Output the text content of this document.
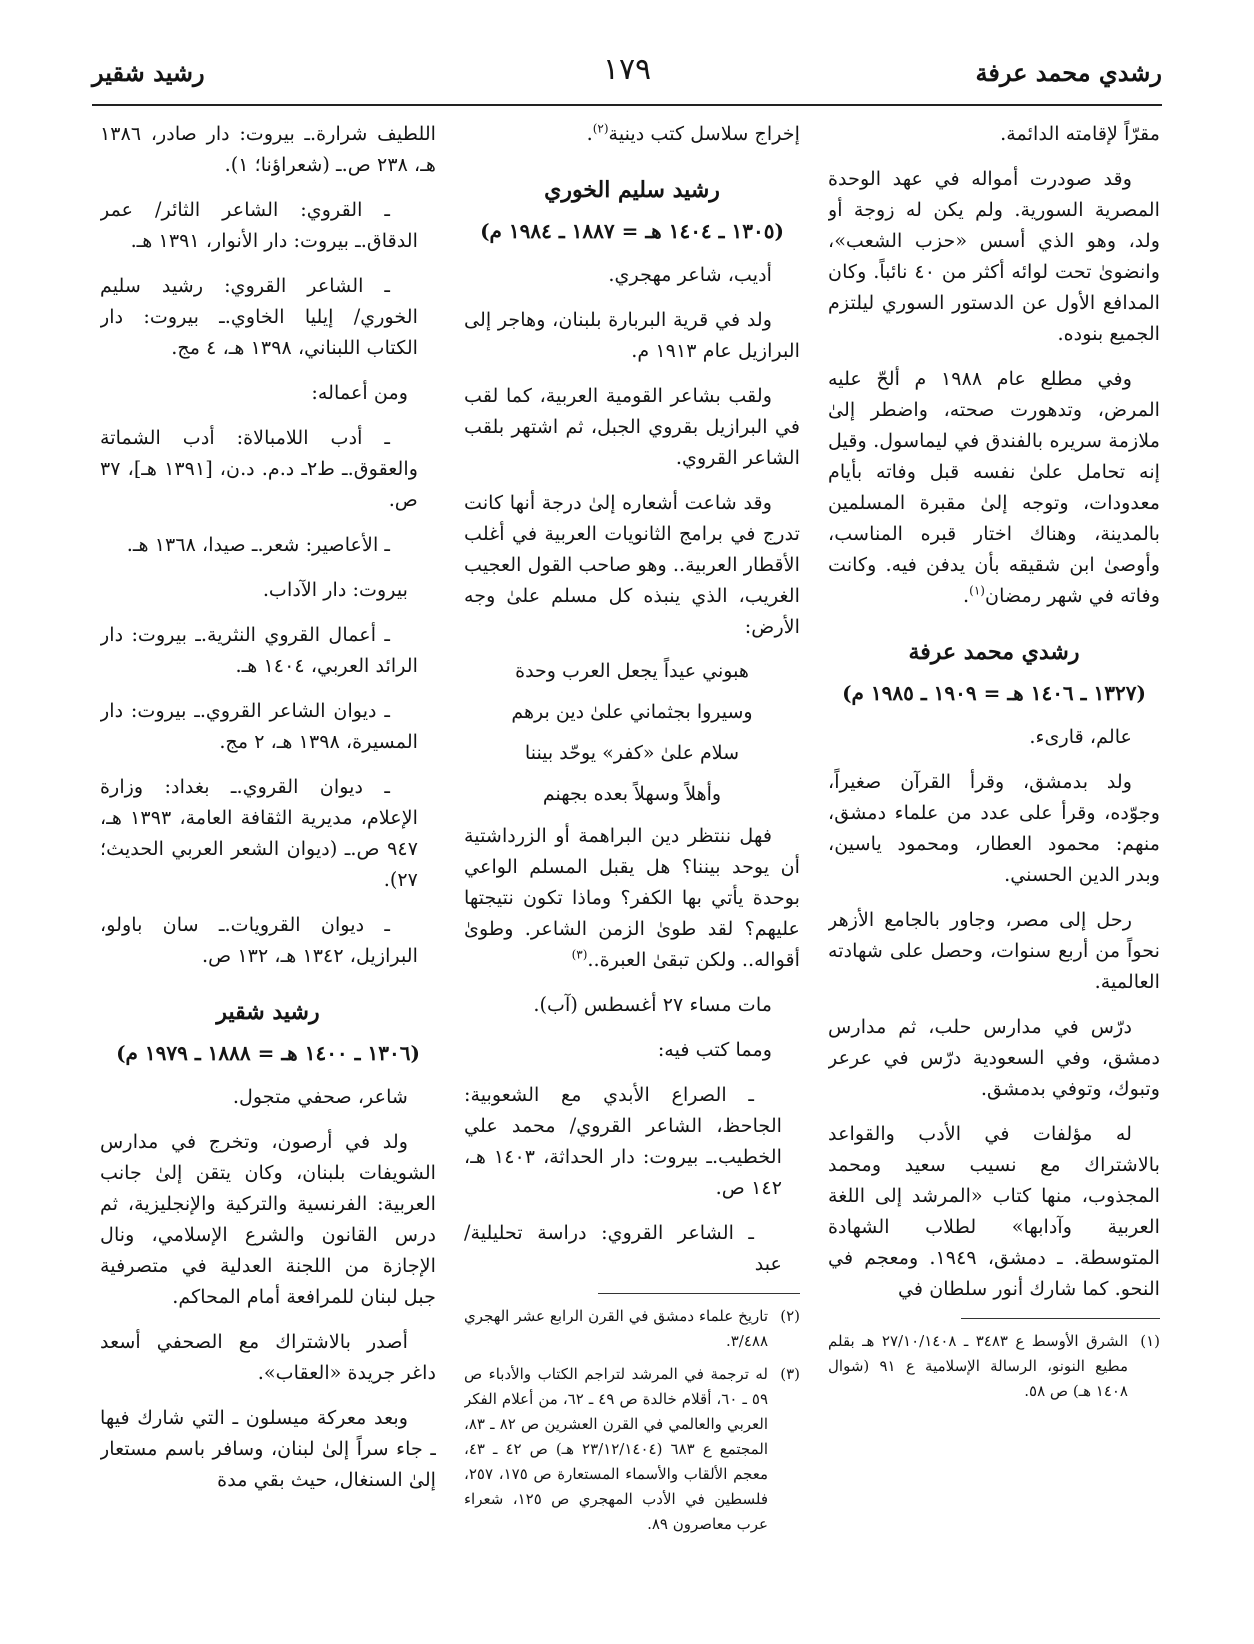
رشدي محمد عرفة
١٧٩
رشيد شقير

مقرّاً لإقامته الدائمة.

وقد صودرت أمواله في عهد الوحدة المصرية السورية. ولم يكن له زوجة أو ولد، وهو الذي أسس «حزب الشعب»، وانضوىٰ تحت لوائه أكثر من ٤٠ نائباً. وكان المدافع الأول عن الدستور السوري ليلتزم الجميع بنوده.

وفي مطلع عام ١٩٨٨ م ألحّ عليه المرض، وتدهورت صحته، واضطر إلىٰ ملازمة سريره بالفندق في ليماسول. وقيل إنه تحامل علىٰ نفسه قبل وفاته بأيام معدودات، وتوجه إلىٰ مقبرة المسلمين بالمدينة، وهناك اختار قبره المناسب، وأوصىٰ ابن شقيقه بأن يدفن فيه. وكانت وفاته في شهر رمضان$^{(١)}$.

رشدي محمد عرفة
(١٣٢٧ ـ ١٤٠٦ هـ = ١٩٠٩ ـ ١٩٨٥ م)

عالم، قارىء.

ولد بدمشق، وقرأ القرآن صغيراً، وجوّده، وقرأ على عدد من علماء دمشق، منهم: محمود العطار، ومحمود ياسين، وبدر الدين الحسني.

رحل إلى مصر، وجاور بالجامع الأزهر نحواً من أربع سنوات، وحصل على شهادته العالمية.

درّس في مدارس حلب، ثم مدارس دمشق، وفي السعودية درّس في عرعر وتبوك، وتوفي بدمشق.

له مؤلفات في الأدب والقواعد بالاشتراك مع نسيب سعيد ومحمد المجذوب، منها كتاب «المرشد إلى اللغة العربية وآدابها» لطلاب الشهادة المتوسطة. ـ دمشق، ١٩٤٩. ومعجم في النحو. كما شارك أنور سلطان في

(١)
الشرق الأوسط ع ٣٤٨٣ ـ ٢٧/١٠/١٤٠٨ هـ بقلم مطيع النونو، الرسالة الإسلامية ع ٩١ (شوال ١٤٠٨ هـ) ص ٥٨.

إخراج سلاسل كتب دينية$^{(٢)}$.

رشيد سليم الخوري
(١٣٠٥ ـ ١٤٠٤ هـ = ١٨٨٧ ـ ١٩٨٤ م)

أديب، شاعر مهجري.

ولد في قرية البربارة بلبنان، وهاجر إلى البرازيل عام ١٩١٣ م.

ولقب بشاعر القومية العربية، كما لقب في البرازيل بقروي الجبل، ثم اشتهر بلقب الشاعر القروي.

وقد شاعت أشعاره إلىٰ درجة أنها كانت تدرج في برامج الثانويات العربية في أغلب الأقطار العربية.. وهو صاحب القول العجيب الغريب، الذي ينبذه كل مسلم علىٰ وجه الأرض:

هبوني عيداً يجعل العرب وحدة
وسيروا بجثماني علىٰ دين برهم
سلام علىٰ «كفر» يوحّد بيننا
وأهلاً وسهلاً بعده بجهنم

فهل ننتظر دين البراهمة أو الزرداشتية أن يوحد بيننا؟ هل يقبل المسلم الواعي بوحدة يأتي بها الكفر؟ وماذا تكون نتيجتها عليهم؟ لقد طوىٰ الزمن الشاعر. وطوىٰ أقواله.. ولكن تبقىٰ العبرة..$^{(٣)}$

مات مساء ٢٧ أغسطس (آب).

ومما كتب فيه:

ـ الصراع الأبدي مع الشعوبية: الجاحظ، الشاعر القروي/ محمد علي الخطيب.ـ بيروت: دار الحداثة، ١٤٠٣ هـ، ١٤٢ ص.

ـ الشاعر القروي: دراسة تحليلية/ عبد

(٢)
تاريخ علماء دمشق في القرن الرابع عشر الهجري ٣/٤٨٨.
(٣)
له ترجمة في المرشد لتراجم الكتاب والأدباء ص ٥٩ ـ ٦٠، أقلام خالدة ص ٤٩ ـ ٦٢، من أعلام الفكر العربي والعالمي في القرن العشرين ص ٨٢ ـ ٨٣، المجتمع ع ٦٨٣ (٢٣/١٢/١٤٠٤ هـ) ص ٤٢ ـ ٤٣، معجم الألقاب والأسماء المستعارة ص ١٧٥، ٢٥٧، فلسطين في الأدب المهجري ص ١٢٥، شعراء عرب معاصرون ٨٩.

اللطيف شرارة.ـ بيروت: دار صادر، ١٣٨٦ هـ، ٢٣٨ ص.ـ (شعراؤنا؛ ١).

ـ القروي: الشاعر الثائر/ عمر الدقاق.ـ بيروت: دار الأنوار، ١٣٩١ هـ.

ـ الشاعر القروي: رشيد سليم الخوري/ إيليا الخاوي.ـ بيروت: دار الكتاب اللبناني، ١٣٩٨ هـ، ٤ مج.

ومن أعماله:

ـ أدب اللامبالاة: أدب الشماتة والعقوق.ـ ط٢ـ د.م. د.ن، [١٣٩١ هـ]، ٣٧ ص.

ـ الأعاصير: شعر.ـ صيدا، ١٣٦٨ هـ.

بيروت: دار الآداب.

ـ أعمال القروي النثرية.ـ بيروت: دار الرائد العربي، ١٤٠٤ هـ.

ـ ديوان الشاعر القروي.ـ بيروت: دار المسيرة، ١٣٩٨ هـ، ٢ مج.

ـ ديوان القروي.ـ بغداد: وزارة الإعلام، مديرية الثقافة العامة، ١٣٩٣ هـ، ٩٤٧ ص.ـ (ديوان الشعر العربي الحديث؛ ٢٧).

ـ ديوان القرويات.ـ سان باولو، البرازيل، ١٣٤٢ هـ، ١٣٢ ص.

رشيد شقير
(١٣٠٦ ـ ١٤٠٠ هـ = ١٨٨٨ ـ ١٩٧٩ م)

شاعر، صحفي متجول.

ولد في أرصون، وتخرج في مدارس الشويفات بلبنان، وكان يتقن إلىٰ جانب العربية: الفرنسية والتركية والإنجليزية، ثم درس القانون والشرع الإسلامي، ونال الإجازة من اللجنة العدلية في متصرفية جبل لبنان للمرافعة أمام المحاكم.

أصدر بالاشتراك مع الصحفي أسعد داغر جريدة «العقاب».

وبعد معركة ميسلون ـ التي شارك فيها ـ جاء سراً إلىٰ لبنان، وسافر باسم مستعار إلىٰ السنغال، حيث بقي مدة
